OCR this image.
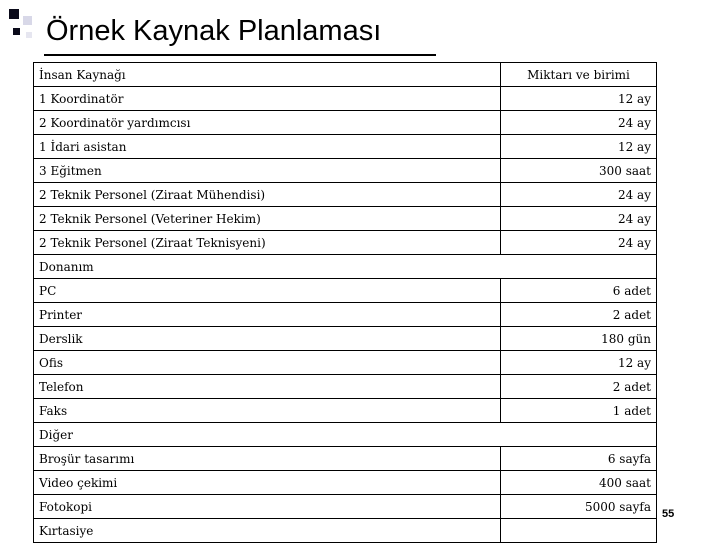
Örnek Kaynak Planlaması
İnsan Kaynağı	Miktarı ve birimi
1 Koordinatör	12 ay
2 Koordinatör yardımcısı	24 ay
1 İdari asistan	12 ay
3 Eğitmen	300 saat
2 Teknik Personel (Ziraat Mühendisi)	24 ay
2 Teknik Personel (Veteriner Hekim)	24 ay
2 Teknik Personel (Ziraat Teknisyeni)	24 ay
Donanım	
PC	6 adet
Printer	2 adet
Derslik	180 gün
Ofis	12 ay
Telefon	2 adet
Faks	1 adet
Diğer	
Broşür tasarımı	6 sayfa
Video çekimi	400 saat
Fotokopi	5000 sayfa
Kırtasiye	
55
